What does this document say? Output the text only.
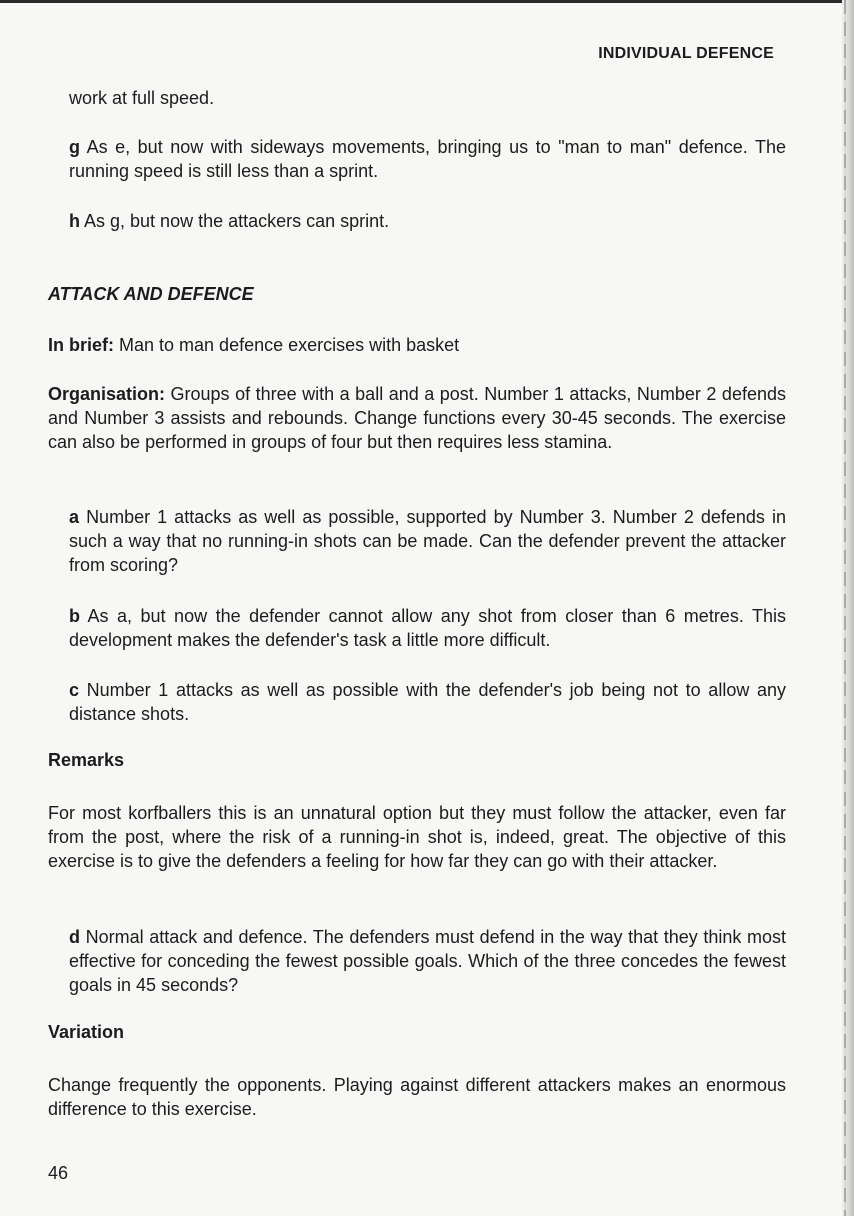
INDIVIDUAL DEFENCE

work at full speed.

g As e, but now with sideways movements, bringing us to "man to man" defence. The running speed is still less than a sprint.

h As g, but now the attackers can sprint.

ATTACK AND DEFENCE

In brief: Man to man defence exercises with basket

Organisation: Groups of three with a ball and a post. Number 1 attacks, Number 2 defends and Number 3 assists and rebounds. Change functions every 30-45 seconds. The exercise can also be performed in groups of four but then requires less stamina.

a Number 1 attacks as well as possible, supported by Number 3. Number 2 defends in such a way that no running-in shots can be made. Can the defender prevent the attacker from scoring?

b As a, but now the defender cannot allow any shot from closer than 6 metres. This development makes the defender's task a little more difficult.

c Number 1 attacks as well as possible with the defender's job being not to allow any distance shots.

Remarks

For most korfballers this is an unnatural option but they must follow the attacker, even far from the post, where the risk of a running-in shot is, indeed, great. The objective of this exercise is to give the defenders a feeling for how far they can go with their attacker.

d Normal attack and defence. The defenders must defend in the way that they think most effective for conceding the fewest possible goals. Which of the three concedes the fewest goals in 45 seconds?

Variation

Change frequently the opponents. Playing against different attackers makes an enormous difference to this exercise.

46
